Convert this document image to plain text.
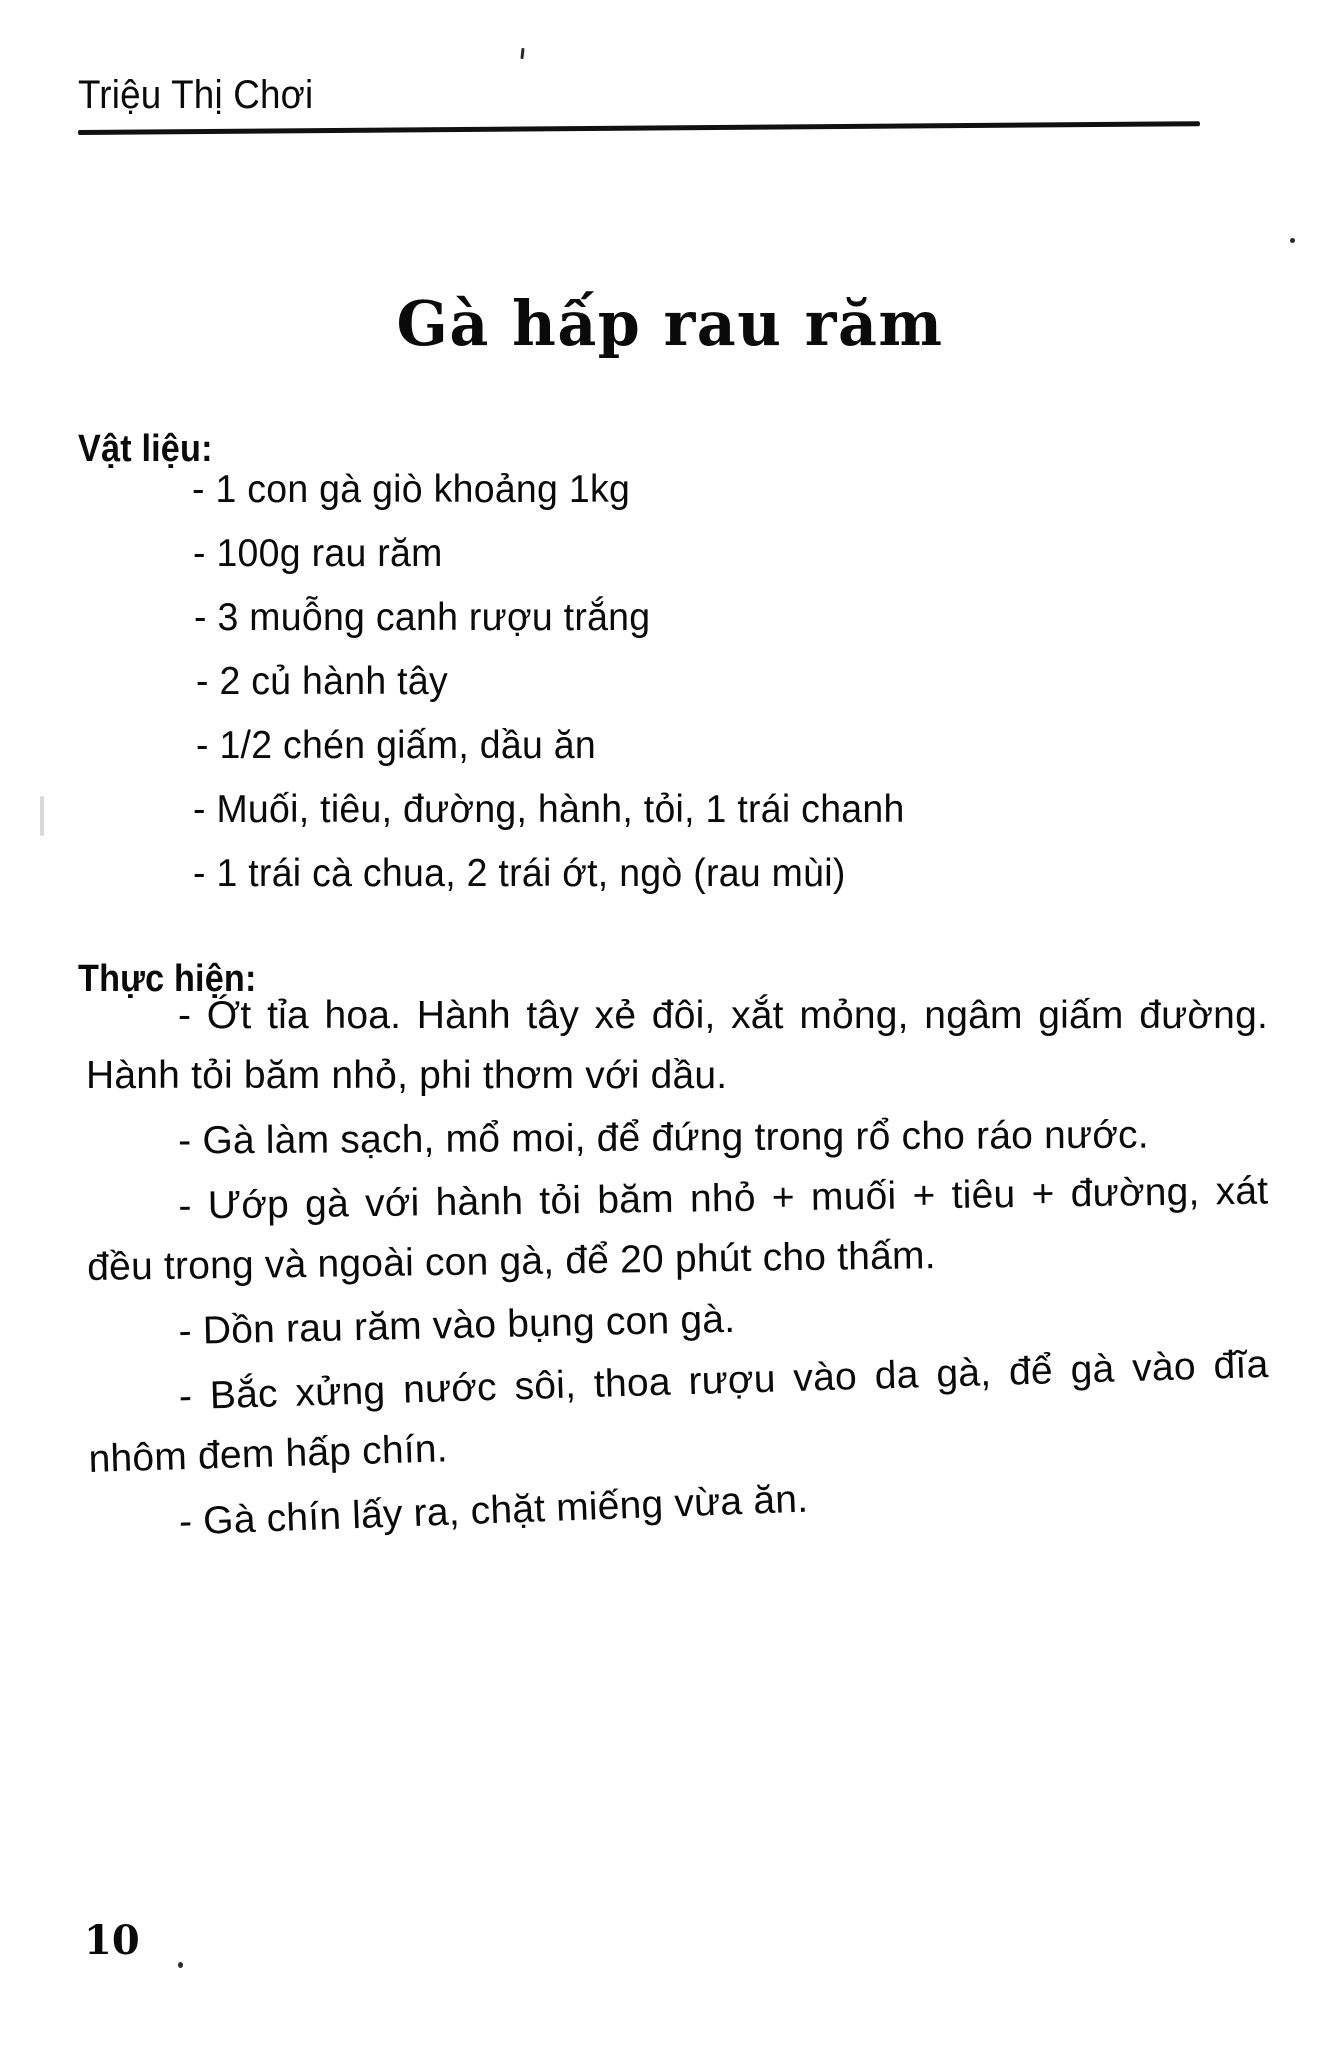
Triệu Thị Chơi
Gà hấp rau răm
Vật liệu:
- 1 con gà giò khoảng 1kg
- 100g rau răm
- 3 muỗng canh rượu trắng
- 2 củ hành tây
- 1/2 chén giấm, dầu ăn
- Muối, tiêu, đường, hành, tỏi, 1 trái chanh
- 1 trái cà chua, 2 trái ớt, ngò (rau mùi)
Thực hiện:

- Ớt tỉa hoa. Hành tây xẻ đôi, xắt mỏng, ngâm giấm đường. Hành tỏi băm nhỏ, phi thơm với dầu.

- Gà làm sạch, mổ moi, để đứng trong rổ cho ráo nước.

- Ướp gà với hành tỏi băm nhỏ + muối + tiêu + đường, xát đều trong và ngoài con gà, để 20 phút cho thấm.

- Dồn rau răm vào bụng con gà.

- Bắc xửng nước sôi, thoa rượu vào da gà, để gà vào đĩa nhôm đem hấp chín.

- Gà chín lấy ra, chặt miếng vừa ăn.

10
